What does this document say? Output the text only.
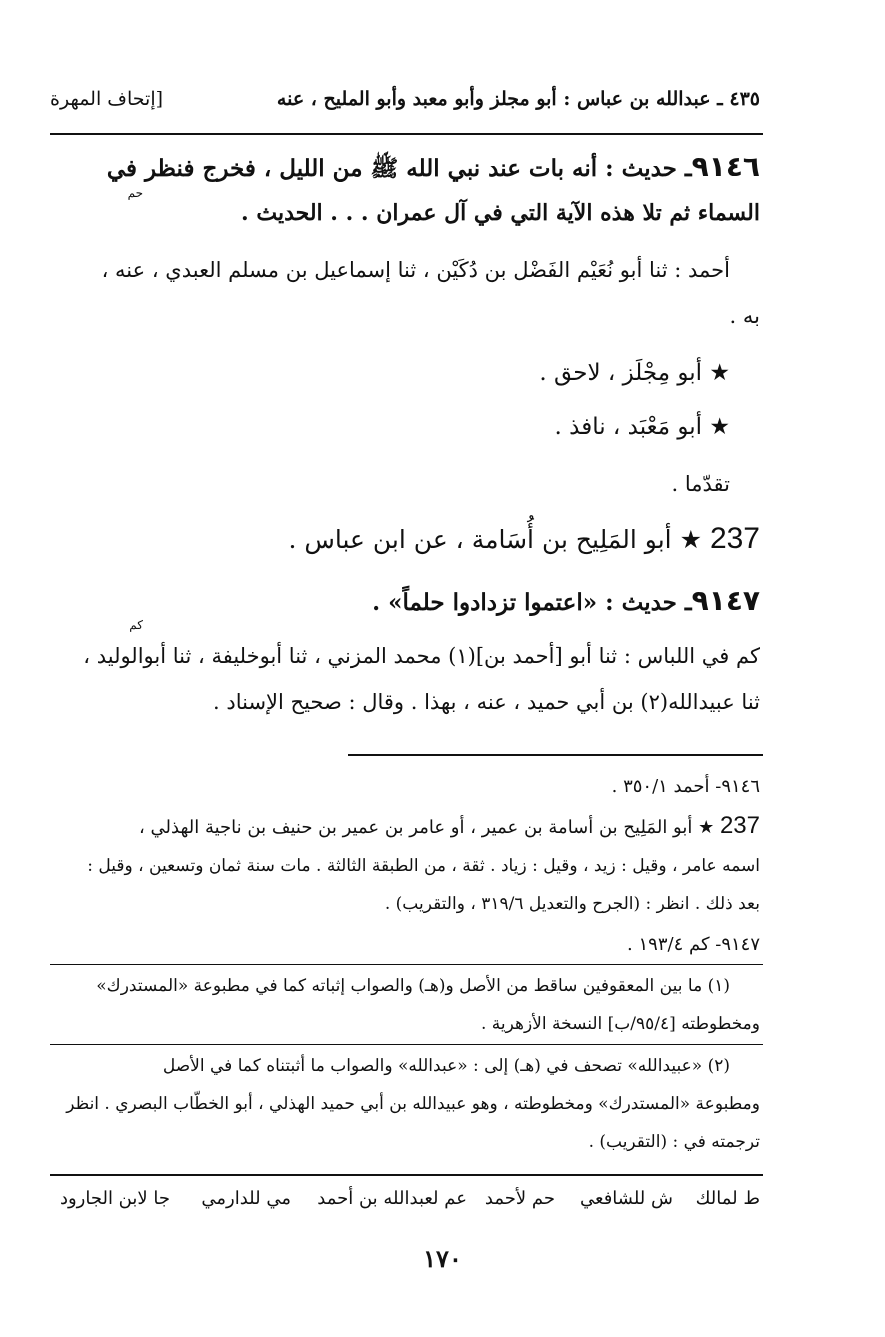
٤٣٥ ـ عبدالله بن عباس : أبو مجلز وأبو معبد وأبو المليح ، عنه
[إتحاف المهرة
٩١٤٦ـ حديث : أنه بات عند نبي الله ﷺ من الليل ، فخرج فنظر في
حم
السماء ثم تلا هذه الآية التي في آل عمران . . . الحديث .
أحمد : ثنا أبو نُعَيْم الفَضْل بن دُكَيْن ، ثنا إسماعيل بن مسلم العبدي ، عنه ،
به .
★ أبو مِجْلَز ، لاحق .
★ أبو مَعْبَد ، نافذ .
تقدّما .
237 ★ أبو المَلِيح بن أُسَامة ، عن ابن عباس .
٩١٤٧ـ حديث : «اعتموا تزدادوا حلماً» .
كم
كم في اللباس : ثنا أبو [أحمد بن](١) محمد المزني ، ثنا أبوخليفة ، ثنا أبوالوليد ،
ثنا عبيدالله(٢) بن أبي حميد ، عنه ، بهذا . وقال : صحيح الإسناد .
٩١٤٦- أحمد ٣٥٠/١ .
237 ★ أبو المَلِيح بن أسامة بن عمير ، أو عامر بن عمير بن حنيف بن ناجية الهذلي ،
اسمه عامر ، وقيل : زيد ، وقيل : زياد . ثقة ، من الطبقة الثالثة . مات سنة ثمان وتسعين ، وقيل :
بعد ذلك . انظر : (الجرح والتعديل ٣١٩/٦ ، والتقريب) .
٩١٤٧- كم ١٩٣/٤ .
(١) ما بين المعقوفين ساقط من الأصل و(هـ) والصواب إثباته كما في مطبوعة «المستدرك»
ومخطوطته [٩٥/٤/ب] النسخة الأزهرية .
(٢) «عبيدالله» تصحف في (هـ) إلى : «عبدالله» والصواب ما أثبتناه كما في الأصل
ومطبوعة «المستدرك» ومخطوطته ، وهو عبيدالله بن أبي حميد الهذلي ، أبو الخطّاب البصري . انظر
ترجمته في : (التقريب) .
ط لمالك
ش للشافعي
حم لأحمد
عم لعبدالله بن أحمد
مي للدارمي
جا لابن الجارود
١٧٠
